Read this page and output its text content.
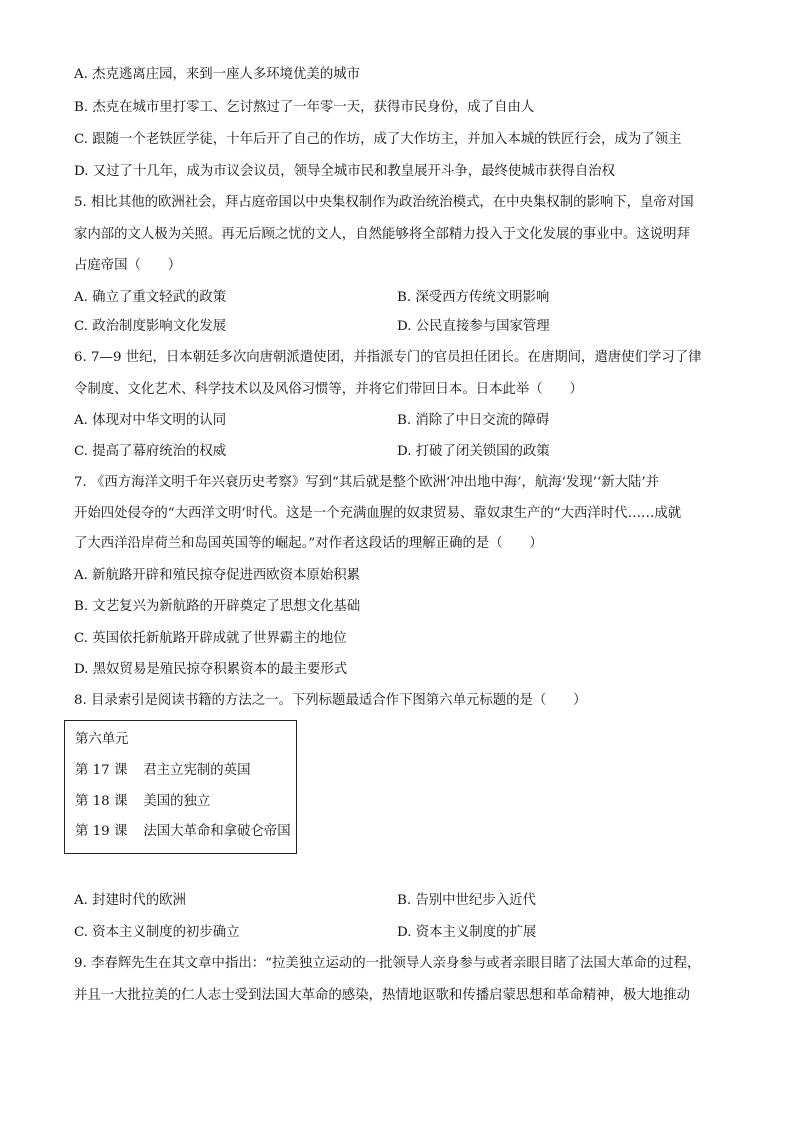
A. 杰克逃离庄园，来到一座人多环境优美的城市
B. 杰克在城市里打零工、乞讨熬过了一年零一天，获得市民身份，成了自由人
C. 跟随一个老铁匠学徒，十年后开了自己的作坊，成了大作坊主，并加入本城的铁匠行会，成为了领主
D. 又过了十几年，成为市议会议员，领导全城市民和教皇展开斗争，最终使城市获得自治权
5. 相比其他的欧洲社会，拜占庭帝国以中央集权制作为政治统治模式，在中央集权制的影响下，皇帝对国
家内部的文人极为关照。再无后顾之忧的文人，自然能够将全部精力投入于文化发展的事业中。这说明拜
占庭帝国（　　）
A. 确立了重文轻武的政策	B. 深受西方传统文明影响
C. 政治制度影响文化发展	D. 公民直接参与国家管理
6. 7—9 世纪，日本朝廷多次向唐朝派遣使团，并指派专门的官员担任团长。在唐期间，遣唐使们学习了律
令制度、文化艺术、科学技术以及风俗习惯等，并将它们带回日本。日本此举（　　）
A. 体现对中华文明的认同	B. 消除了中日交流的障碍
C. 提高了幕府统治的权威	D. 打破了闭关锁国的政策
7. 《西方海洋文明千年兴衰历史考察》写到“其后就是整个欧洲‘冲出地中海’，航海‘发现’‘新大陆’并
开始四处侵夺的“大西洋文明’时代。这是一个充满血腥的奴隶贸易、靠奴隶生产的“大西洋时代……成就
了大西洋沿岸荷兰和岛国英国等的崛起。”对作者这段话的理解正确的是（　　）
A. 新航路开辟和殖民掠夺促进西欧资本原始积累
B. 文艺复兴为新航路的开辟奠定了思想文化基础
C. 英国依托新航路开辟成就了世界霸主的地位
D. 黑奴贸易是殖民掠夺积累资本的最主要形式
8. 目录索引是阅读书籍的方法之一。下列标题最适合作下图第六单元标题的是（　　）
第六单元
第 17 课 君主立宪制的英国
第 18 课 美国的独立
第 19 课 法国大革命和拿破仑帝国
A. 封建时代的欧洲	B. 告别中世纪步入近代
C. 资本主义制度的初步确立	D. 资本主义制度的扩展
9. 李春辉先生在其文章中指出：“拉美独立运动的一批领导人亲身参与或者亲眼目睹了法国大革命的过程，
并且一大批拉美的仁人志士受到法国大革命的感染，热情地讴歌和传播启蒙思想和革命精神，极大地推动
